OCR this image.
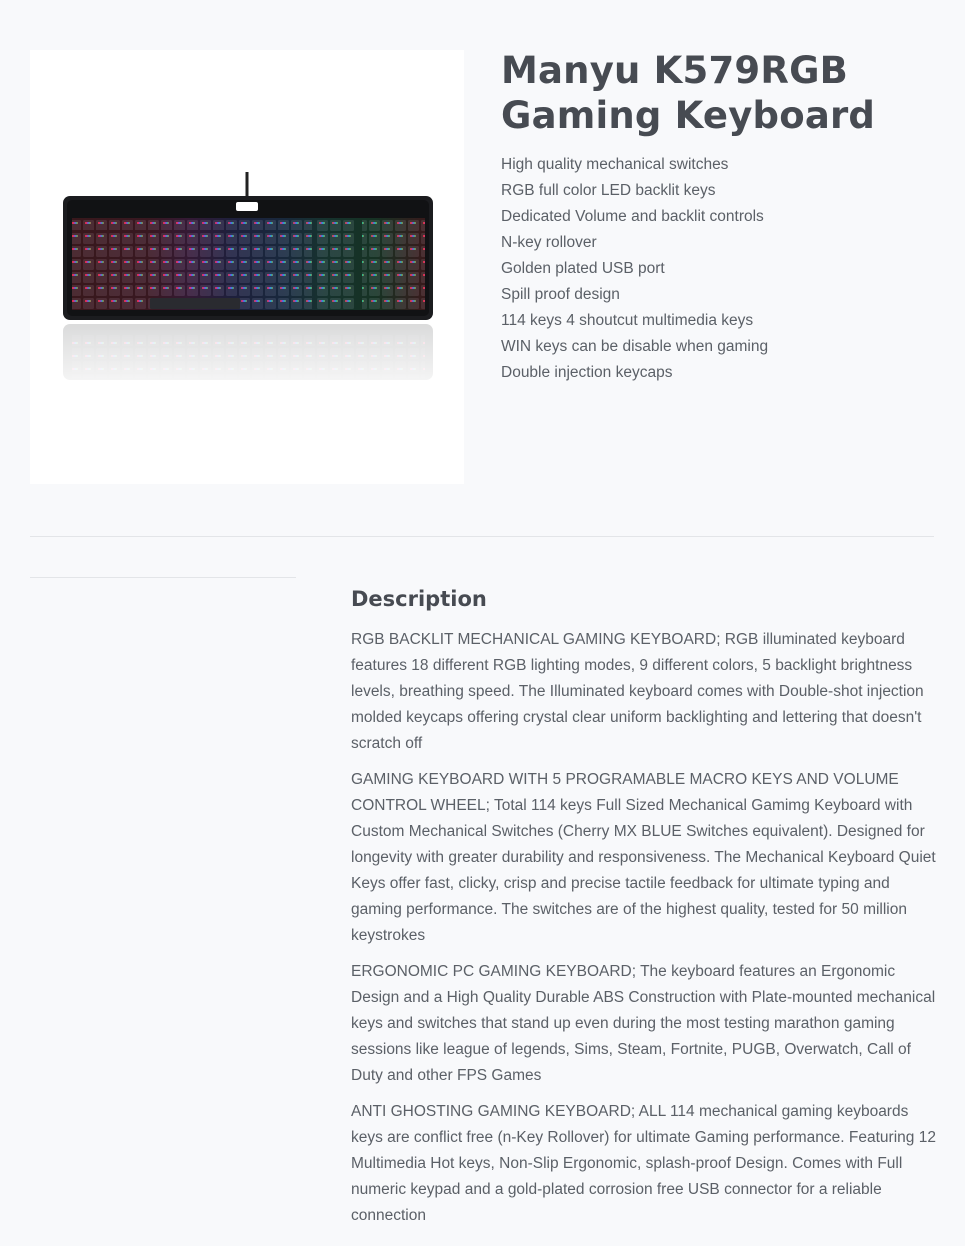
Manyu K579RGB Gaming Keyboard
High quality mechanical switches
RGB full color LED backlit keys
Dedicated Volume and backlit controls
N-key rollover
Golden plated USB port
Spill proof design
114 keys 4 shoutcut multimedia keys
WIN keys can be disable when gaming
Double injection keycaps
Description

RGB BACKLIT MECHANICAL GAMING KEYBOARD; RGB illuminated keyboard features 18 different RGB lighting modes, 9 different colors, 5 backlight brightness levels, breathing speed. The Illuminated keyboard comes with Double-shot injection molded keycaps offering crystal clear uniform backlighting and lettering that doesn't scratch off

GAMING KEYBOARD WITH 5 PROGRAMABLE MACRO KEYS AND VOLUME CONTROL WHEEL; Total 114 keys Full Sized Mechanical Gamimg Keyboard with Custom Mechanical Switches (Cherry MX BLUE Switches equivalent). Designed for longevity with greater durability and responsiveness. The Mechanical Keyboard Quiet Keys offer fast, clicky, crisp and precise tactile feedback for ultimate typing and gaming performance. The switches are of the highest quality, tested for 50 million keystrokes

ERGONOMIC PC GAMING KEYBOARD; The keyboard features an Ergonomic Design and a High Quality Durable ABS Construction with Plate-mounted mechanical keys and switches that stand up even during the most testing marathon gaming sessions like league of legends, Sims, Steam, Fortnite, PUGB, Overwatch, Call of Duty and other FPS Games

ANTI GHOSTING GAMING KEYBOARD; ALL 114 mechanical gaming keyboards keys are conflict free (n-Key Rollover) for ultimate Gaming performance. Featuring 12 Multimedia Hot keys, Non-Slip Ergonomic, splash-proof Design. Comes with Full numeric keypad and a gold-plated corrosion free USB connector for a reliable connection
